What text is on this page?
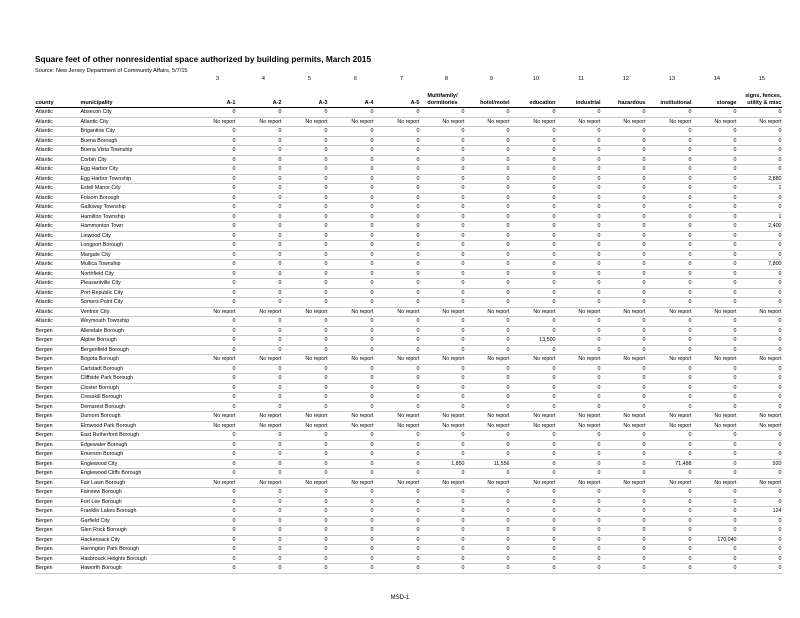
Square feet of other nonresidential space authorized by building permits, March 2015
Source: New Jersey Department of Community Affairs, 5/7/15
3	4	5	6	7	8	9	10	11	12	13	14	15
county	municipality	A-1	A-2	A-3	A-4	A-5	Multifamily/
dormitories	hotel/motel	education	industrial	hazardous	institutional	storage	signs, fences,
utility & misc
Atlantic	Absecon City	0	0	0	0	0	0	0	0	0	0	0	0	0
Atlantic	Atlantic City	No report	No report	No report	No report	No report	No report	No report	No report	No report	No report	No report	No report	No report
Atlantic	Brigantine City	0	0	0	0	0	0	0	0	0	0	0	0	0
Atlantic	Buena Borough	0	0	0	0	0	0	0	0	0	0	0	0	0
Atlantic	Buena Vista Township	0	0	0	0	0	0	0	0	0	0	0	0	0
Atlantic	Corbin City	0	0	0	0	0	0	0	0	0	0	0	0	0
Atlantic	Egg Harbor City	0	0	0	0	0	0	0	0	0	0	0	0	0
Atlantic	Egg Harbor Township	0	0	0	0	0	0	0	0	0	0	0	0	2,880
Atlantic	Estell Manor City	0	0	0	0	0	0	0	0	0	0	0	0	1
Atlantic	Folsom Borough	0	0	0	0	0	0	0	0	0	0	0	0	0
Atlantic	Galloway Township	0	0	0	0	0	0	0	0	0	0	0	0	0
Atlantic	Hamilton Township	0	0	0	0	0	0	0	0	0	0	0	0	1
Atlantic	Hammonton Town	0	0	0	0	0	0	0	0	0	0	0	0	2,400
Atlantic	Linwood City	0	0	0	0	0	0	0	0	0	0	0	0	0
Atlantic	Longport Borough	0	0	0	0	0	0	0	0	0	0	0	0	0
Atlantic	Margate City	0	0	0	0	0	0	0	0	0	0	0	0	0
Atlantic	Mullica Township	0	0	0	0	0	0	0	0	0	0	0	0	7,800
Atlantic	Northfield City	0	0	0	0	0	0	0	0	0	0	0	0	0
Atlantic	Pleasantville City	0	0	0	0	0	0	0	0	0	0	0	0	0
Atlantic	Port Republic City	0	0	0	0	0	0	0	0	0	0	0	0	0
Atlantic	Somers Point City	0	0	0	0	0	0	0	0	0	0	0	0	0
Atlantic	Ventnor City	No report	No report	No report	No report	No report	No report	No report	No report	No report	No report	No report	No report	No report
Atlantic	Weymouth Township	0	0	0	0	0	0	0	0	0	0	0	0	0
Bergen	Allendale Borough	0	0	0	0	0	0	0	0	0	0	0	0	0
Bergen	Alpine Borough	0	0	0	0	0	0	0	13,500	0	0	0	0	0
Bergen	Bergenfield Borough	0	0	0	0	0	0	0	0	0	0	0	0	0
Bergen	Bogota Borough	No report	No report	No report	No report	No report	No report	No report	No report	No report	No report	No report	No report	No report
Bergen	Carlstadt Borough	0	0	0	0	0	0	0	0	0	0	0	0	0
Bergen	Cliffside Park Borough	0	0	0	0	0	0	0	0	0	0	0	0	0
Bergen	Closter Borough	0	0	0	0	0	0	0	0	0	0	0	0	0
Bergen	Cresskill Borough	0	0	0	0	0	0	0	0	0	0	0	0	0
Bergen	Demarest Borough	0	0	0	0	0	0	0	0	0	0	0	0	0
Bergen	Dumont Borough	No report	No report	No report	No report	No report	No report	No report	No report	No report	No report	No report	No report	No report
Bergen	Elmwood Park Borough	No report	No report	No report	No report	No report	No report	No report	No report	No report	No report	No report	No report	No report
Bergen	East Rutherford Borough	0	0	0	0	0	0	0	0	0	0	0	0	0
Bergen	Edgewater Borough	0	0	0	0	0	0	0	0	0	0	0	0	0
Bergen	Emerson Borough	0	0	0	0	0	0	0	0	0	0	0	0	0
Bergen	Englewood City	0	0	0	0	0	1,850	11,556	0	0	0	71,488	0	920
Bergen	Englewood Cliffs Borough	0	0	0	0	0	0	0	0	0	0	0	0	0
Bergen	Fair Lawn Borough	No report	No report	No report	No report	No report	No report	No report	No report	No report	No report	No report	No report	No report
Bergen	Fairview Borough	0	0	0	0	0	0	0	0	0	0	0	0	0
Bergen	Fort Lee Borough	0	0	0	0	0	0	0	0	0	0	0	0	0
Bergen	Franklin Lakes Borough	0	0	0	0	0	0	0	0	0	0	0	0	124
Bergen	Garfield City	0	0	0	0	0	0	0	0	0	0	0	0	0
Bergen	Glen Rock Borough	0	0	0	0	0	0	0	0	0	0	0	0	0
Bergen	Hackensack City	0	0	0	0	0	0	0	0	0	0	0	170,040	0
Bergen	Harrington Park Borough	0	0	0	0	0	0	0	0	0	0	0	0	0
Bergen	Hasbrouck Heights Borough	0	0	0	0	0	0	0	0	0	0	0	0	0
Bergen	Haworth Borough	0	0	0	0	0	0	0	0	0	0	0	0	0
MSD-1
